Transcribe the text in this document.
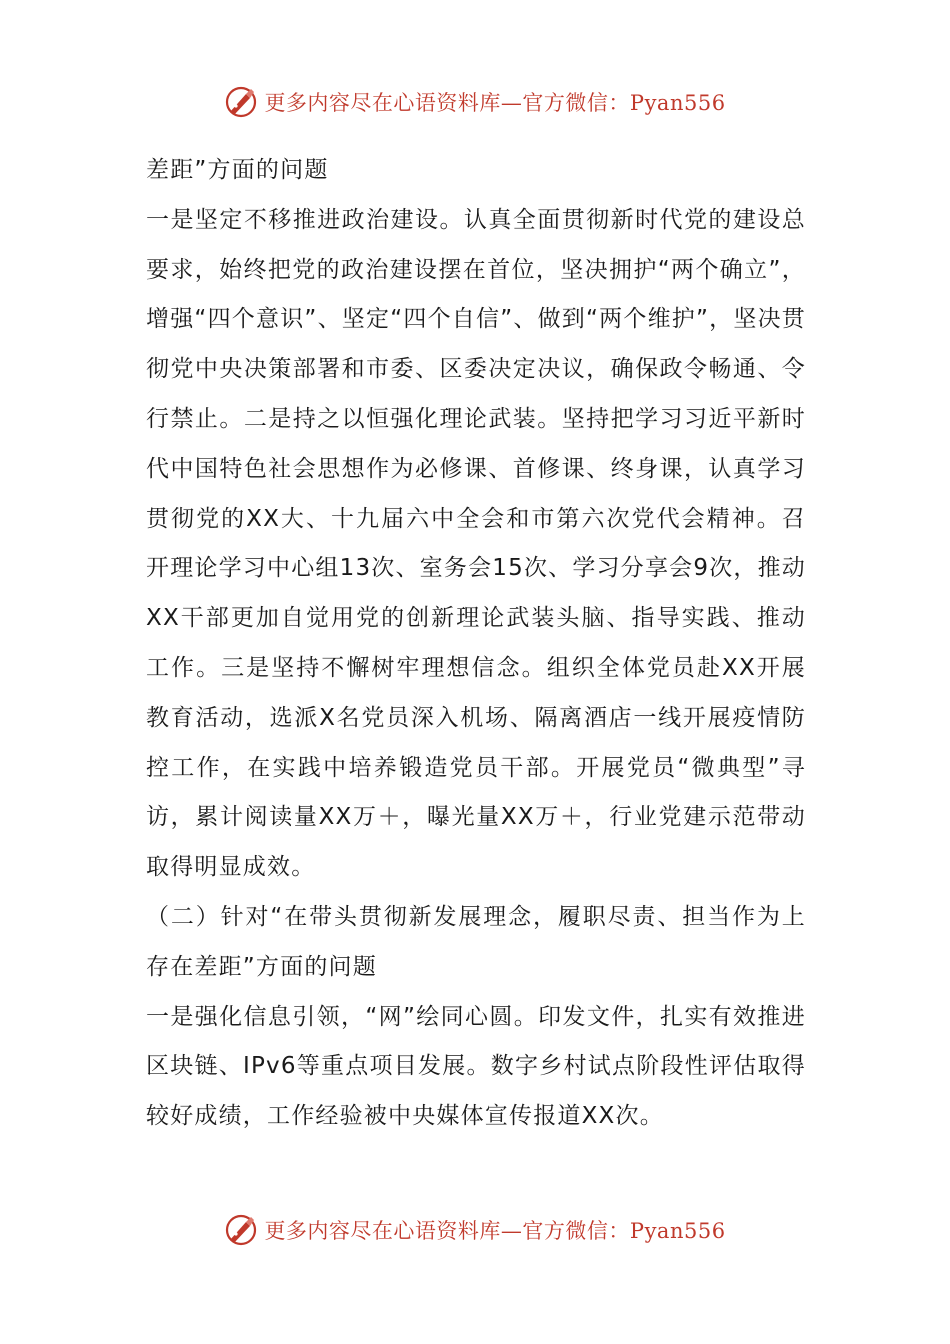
更多内容尽在心语资料库—官方微信：Pyan556

差距”方面的问题

一是坚定不移推进政治建设。认真全面贯彻新时代党的建设总要求，始终把党的政治建设摆在首位，坚决拥护“两个确立”，增强“四个意识”、坚定“四个自信”、做到“两个维护”，坚决贯彻党中央决策部署和市委、区委决定决议，确保政令畅通、令行禁止。二是持之以恒强化理论武装。坚持把学习习近平新时代中国特色社会思想作为必修课、首修课、终身课，认真学习贯彻党的XX大、十九届六中全会和市第六次党代会精神。召开理论学习中心组13次、室务会15次、学习分享会9次，推动XX干部更加自觉用党的创新理论武装头脑、指导实践、推动工作。三是坚持不懈树牢理想信念。组织全体党员赴XX开展教育活动，选派X名党员深入机场、隔离酒店一线开展疫情防控工作，在实践中培养锻造党员干部。开展党员“微典型”寻访，累计阅读量XX万＋，曝光量XX万＋，行业党建示范带动取得明显成效。

（二）针对“在带头贯彻新发展理念，履职尽责、担当作为上存在差距”方面的问题

一是强化信息引领，“网”绘同心圆。印发文件，扎实有效推进区块链、IPv6等重点项目发展。数字乡村试点阶段性评估取得较好成绩，工作经验被中央媒体宣传报道XX次。

更多内容尽在心语资料库—官方微信：Pyan556
